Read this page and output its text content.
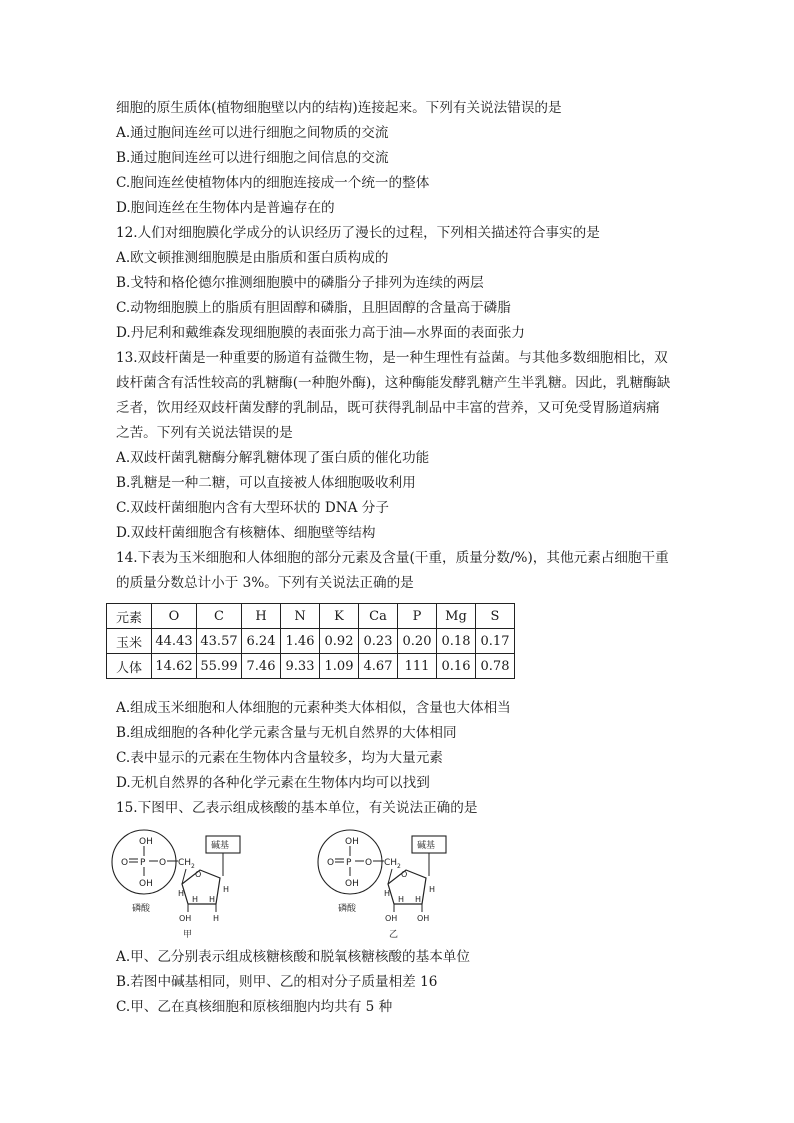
细胞的原生质体(植物细胞壁以内的结构)连接起来。下列有关说法错误的是
A.通过胞间连丝可以进行细胞之间物质的交流
B.通过胞间连丝可以进行细胞之间信息的交流
C.胞间连丝使植物体内的细胞连接成一个统一的整体
D.胞间连丝在生物体内是普遍存在的
12.人们对细胞膜化学成分的认识经历了漫长的过程，下列相关描述符合事实的是
A.欧文顿推测细胞膜是由脂质和蛋白质构成的
B.戈特和格伦德尔推测细胞膜中的磷脂分子排列为连续的两层
C.动物细胞膜上的脂质有胆固醇和磷脂，且胆固醇的含量高于磷脂
D.丹尼利和戴维森发现细胞膜的表面张力高于油—水界面的表面张力
13.双歧杆菌是一种重要的肠道有益微生物，是一种生理性有益菌。与其他多数细胞相比，双
歧杆菌含有活性较高的乳糖酶(一种胞外酶)，这种酶能发酵乳糖产生半乳糖。因此，乳糖酶缺
乏者，饮用经双歧杆菌发酵的乳制品，既可获得乳制品中丰富的营养，又可免受胃肠道病痛
之苦。下列有关说法错误的是
A.双歧杆菌乳糖酶分解乳糖体现了蛋白质的催化功能
B.乳糖是一种二糖，可以直接被人体细胞吸收利用
C.双歧杆菌细胞内含有大型环状的 DNA 分子
D.双歧杆菌细胞含有核糖体、细胞壁等结构
14.下表为玉米细胞和人体细胞的部分元素及含量(干重，质量分数/%)，其他元素占细胞干重
的质量分数总计小于 3%。下列有关说法正确的是
元素	O	C	H	N	K	Ca	P	Mg	S
玉米	44.43	43.57	6.24	1.46	0.92	0.23	0.20	0.18	0.17
人体	14.62	55.99	7.46	9.33	1.09	4.67	111	0.16	0.78
A.组成玉米细胞和人体细胞的元素种类大体相似，含量也大体相当
B.组成细胞的各种化学元素含量与无机自然界的大体相同
C.表中显示的元素在生物体内含量较多，均为大量元素
D.无机自然界的各种化学元素在生物体内均可以找到
15.下图甲、乙表示组成核酸的基本单位，有关说法正确的是
OH
O P
OH
O CH 2
磷酸
碱基
O
H	H
H H
OH	H
甲
OH
O P
OH
O CH 2
磷酸
碱基
O
H	H
H H
OH OH
乙
A.甲、乙分别表示组成核糖核酸和脱氧核糖核酸的基本单位
B.若图中碱基相同，则甲、乙的相对分子质量相差 16
C.甲、乙在真核细胞和原核细胞内均共有 5 种
